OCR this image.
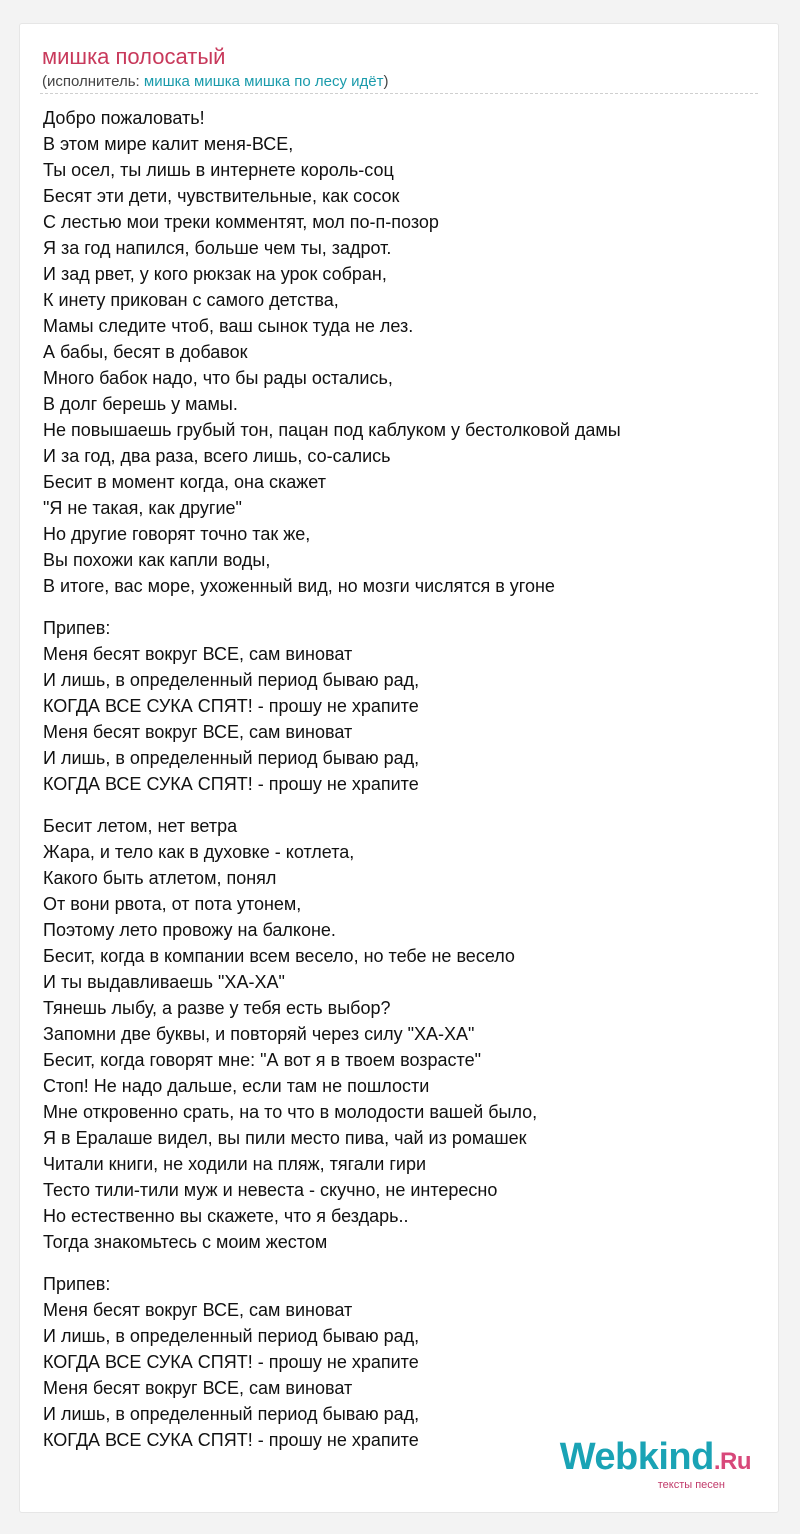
мишка полосатый
(исполнитель: мишка мишка мишка по лесу идёт)
Добро пожаловать!
В этом мире калит меня-ВСЕ,
Ты осел, ты лишь в интернете король-соц
Бесят эти дети, чувствительные, как сосок
С лестью мои треки комментят, мол по-п-позор
Я за год напился, больше чем ты, задрот.
И зад рвет, у кого рюкзак на урок собран,
К инету прикован с самого детства,
Мамы следите чтоб, ваш сынок туда не лез.
А бабы, бесят в добавок
Много бабок надо, что бы рады остались,
В долг берешь у мамы.
Не повышаешь грубый тон, пацан под каблуком у бестолковой дамы
И за год, два раза, всего лишь, со-сались
Бесит в момент когда, она скажет
"Я не такая, как другие"
Но другие говорят точно так же,
Вы похожи как капли воды,
В итоге, вас море, ухоженный вид, но мозги числятся в угоне
Припев:
Меня бесят вокруг ВСЕ, сам виноват
И лишь, в определенный период бываю рад,
КОГДА ВСЕ СУКА СПЯТ! - прошу не храпите
Меня бесят вокруг ВСЕ, сам виноват
И лишь, в определенный период бываю рад,
КОГДА ВСЕ СУКА СПЯТ! - прошу не храпите
Бесит летом, нет ветра
Жара, и тело как в духовке - котлета,
Какого быть атлетом, понял
От вони рвота, от пота утонем,
Поэтому лето провожу на балконе.
Бесит, когда в компании всем весело, но тебе не весело
И ты выдавливаешь "ХА-ХА"
Тянешь лыбу, а разве у тебя есть выбор?
Запомни две буквы, и повторяй через силу "ХА-ХА"
Бесит, когда говорят мне: "А вот я в твоем возрасте"
Стоп! Не надо дальше, если там не пошлости
Мне откровенно срать, на то что в молодости вашей было,
Я в Ералаше видел, вы пили место пива, чай из ромашек
Читали книги, не ходили на пляж, тягали гири
Тесто тили-тили муж и невеста - скучно, не интересно
Но естественно вы скажете, что я бездарь..
Тогда знакомьтесь с моим жестом
Припев:
Меня бесят вокруг ВСЕ, сам виноват
И лишь, в определенный период бываю рад,
КОГДА ВСЕ СУКА СПЯТ! - прошу не храпите
Меня бесят вокруг ВСЕ, сам виноват
И лишь, в определенный период бываю рад,
КОГДА ВСЕ СУКА СПЯТ! - прошу не храпите	Webkind.Ru
тексты песен
